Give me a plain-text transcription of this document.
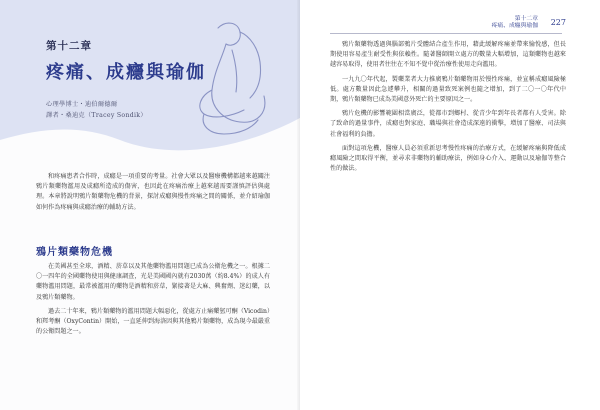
第十二章
疼痛、成癮與瑜伽
心理學博士・迪伯爾德爾
譯者・桑迪克（Tracey Sondik）

和疼痛患者合作時，成癮是一項重要的考量。社會大眾以及醫療機構都越來越關注鴉片類藥物濫用及成癮所造成的傷害，也因此在疼痛治療上越來越需要謹慎評估與處理。本章將說明鴉片類藥物危機的背景，探討成癮與慢性疼痛之間的關係，並介紹瑜伽如何作為疼痛與成癮治療的輔助方法。

鴉片類藥物危機

在美國甚至全球，酒精、菸草以及其他藥物濫用問題已成為公衛危機之一。根據二〇一四年的全國藥物使用與健康調查，光是美國國內就有2030萬（約8.4%）的成人有藥物濫用問題，最常被濫用的藥物是酒精和菸草，緊接著是大麻、興奮劑、迷幻藥，以及鴉片類藥物。

過去二十年來，鴉片類藥物的濫用問題大幅惡化，從處方止痛藥氫可酮（Vicodin）和羥考酮（OxyContin）開始，一直延伸到海洛因與其他鴉片類藥物，成為現今最嚴重的公衛問題之一。

第十二章
疼痛、成癮與瑜伽 227

鴉片類藥物透過與腦部鴉片受體結合產生作用，藉此緩解疼痛並帶來愉悅感，但長期使用容易產生耐受性與依賴性。隨著醫師開立處方的數量大幅增加，這類藥物也越來越容易取得，使用者往往在不知不覺中從治療性使用走向濫用。

一九九〇年代起，製藥業者大力推廣鴉片類藥物用於慢性疼痛，並宣稱成癮風險極低。處方數量因此急遽攀升，相關的過量致死案例也隨之增加，到了二〇一〇年代中期，鴉片類藥物已成為美國意外死亡的主要原因之一。

鴉片危機的影響範圍相當廣泛，從都市到鄉村、從青少年到年長者都有人受害。除了致命的過量事件，成癮也對家庭、職場與社會造成深遠的衝擊，增加了醫療、司法與社會福利的負擔。

面對這項危機，醫療人員必須重新思考慢性疼痛的治療方式，在緩解疼痛與降低成癮風險之間取得平衡，並尋求非藥物的輔助療法，例如身心介入、運動以及瑜伽等整合性的做法。
